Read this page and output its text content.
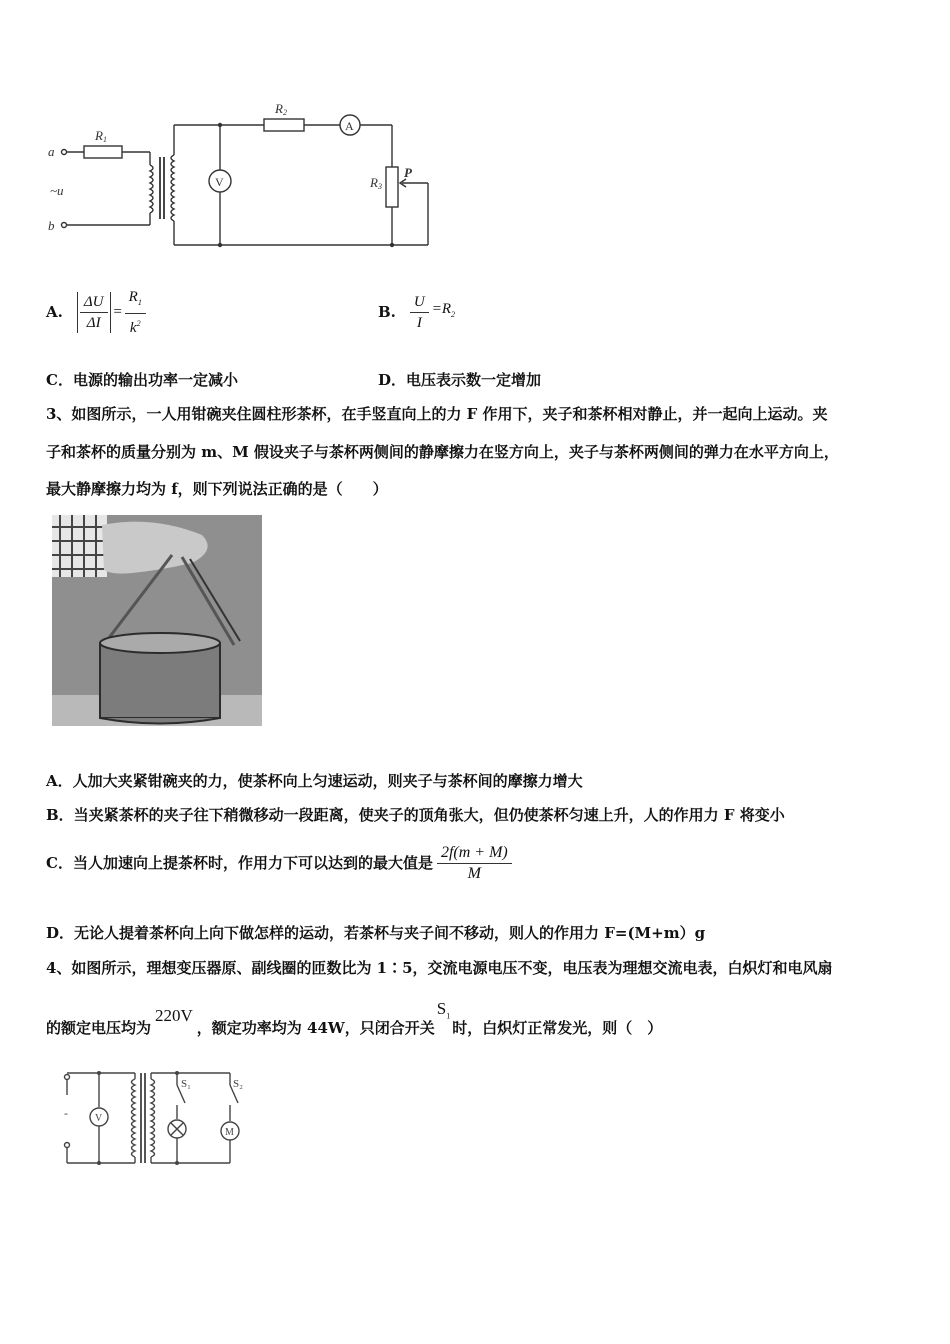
a
b
~u
R1
R2
R3
P
A
V
A. $\frac{\Delta U}{\Delta I} = \frac{R_1}{k^2}$	B. $\frac{U}{I} =R_2$
C．电源的输出功率一定减小	D．电压表示数一定增加
3、如图所示，一人用钳碗夹住圆柱形茶杯，在手竖直向上的力 F 作用下，夹子和茶杯相对静止，并一起向上运动。夹
子和茶杯的质量分别为 m、M 假设夹子与茶杯两侧间的静摩擦力在竖方向上，夹子与茶杯两侧间的弹力在水平方向上，
最大静摩擦力均为 f，则下列说法正确的是（　　）
A．人加大夹紧钳碗夹的力，使茶杯向上匀速运动，则夹子与茶杯间的摩擦力增大
B．当夹紧茶杯的夹子往下稍微移动一段距离，使夹子的顶角张大，但仍使茶杯匀速上升，人的作用力 F 将变小
C．当人加速向上提茶杯时，作用力下可以达到的最大值是 $\frac{2f(m + M)}{M}$
D．无论人提着茶杯向上向下做怎样的运动，若茶杯与夹子间不移动，则人的作用力 F=(M+m）g
4、如图所示，理想变压器原、副线圈的匝数比为 1∶5，交流电源电压不变，电压表为理想交流电表，白炽灯和电风扇
的额定电压均为
220V
，额定功率均为 44W，只闭合开关
$S_1$
时，白炽灯正常发光，则（　）
S₁	S₂
V
M
-
